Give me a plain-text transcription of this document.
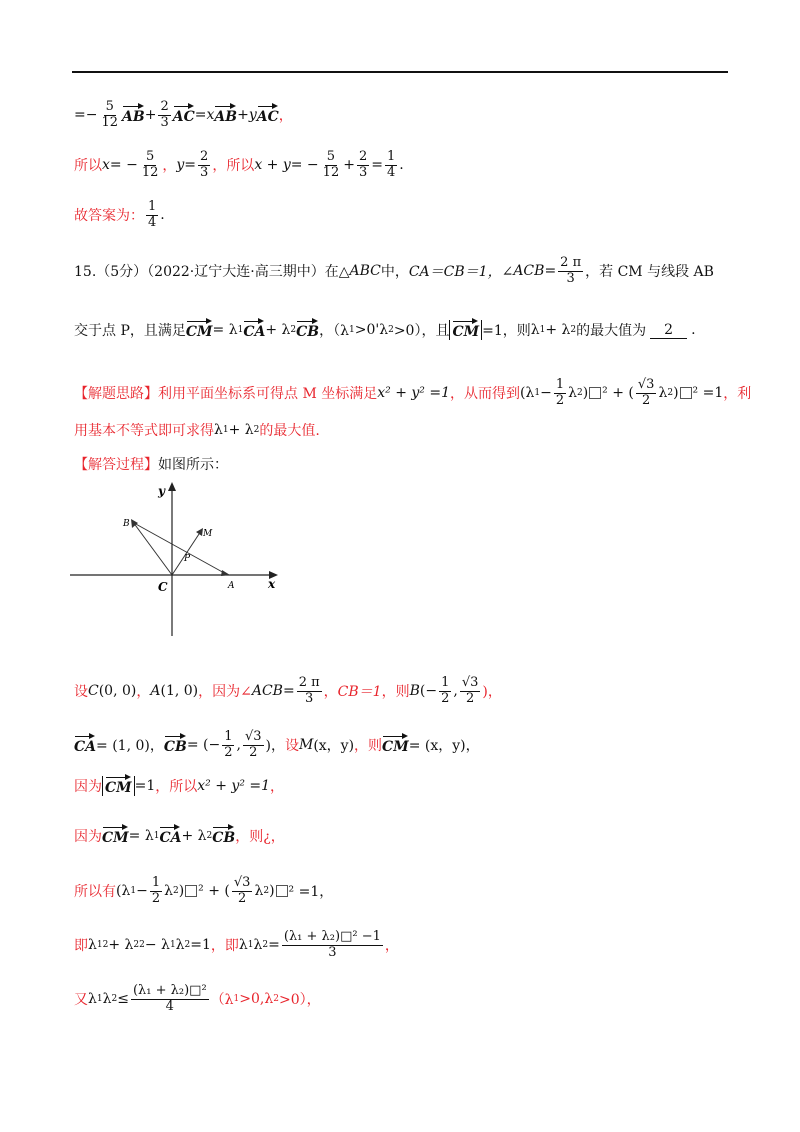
=− $\frac{5}{12}$ AB + $\frac{2}{3}$ AC = x AB + y AC ，
所以 x = − $\frac{5}{12}$ ， $y = \frac{2}{3}$ ， 所以 x + y = − $\frac{5}{12} + \frac{2}{3} = \frac{1}{4}$ .
故答案为： $\frac{1}{4}$ .
15.（5分）（2022·辽宁大连·高三期中）在△ ABC 中， CA＝CB＝1，∠ ACB = $\frac{2 \pi}{3}$ ，若 CM 与线段 AB
交于点 P，且满足 CM = λ 1 CA + λ 2 CB ，（λ 1 >0'λ 2 >0），且 CM =1，则 λ 1 + λ 2 的最大值为	2	.
【解题思路】 利用平面坐标系可得点 M 坐标满足 x² + y² =1 ，从而得到 (λ $1 - \frac{1}{2}$ λ 2 ) ² + ( $\frac{√3}{2}$ λ 2 ) ² =1 ，利
用基本不等式即可求得 λ 1 + λ 2 的最大值.
【解答过程】 如图所示：
y
x
C
B
M
P
A
设 C (0, 0) ， A (1, 0) ，因为∠ ACB = $\frac{2 \pi}{3}$ ， CB＝1 ，则 B (− $\frac{1}{2}$ , $\frac{√3}{2}$ )，
CA = (1, 0)， CB = (− $\frac{1}{2}$ , $\frac{√3}{2}$ )， 设 M (x，y) ，则 CM = (x，y)，
因为 CM =1 ，所以 x² + y² =1 ，
因为 CM = λ 1 CA + λ 2 CB ，则 ¿，
所以有 (λ $1 - \frac{1}{2}$ λ 2 ) ² + ( $\frac{√3}{2}$ λ 2 ) ² =1，
即 λ 1 2 + λ 2 2 − λ 1 λ 2 =1 ，即 λ 1 λ $2 = \frac{\text{(λ₁ + λ₂)□² −1}}{3}$ ，
又 λ 1 λ $2 \le \frac{\text{(λ₁ + λ₂)□²}}{4} (\lambda$ 1 >0,λ 2 >0），
